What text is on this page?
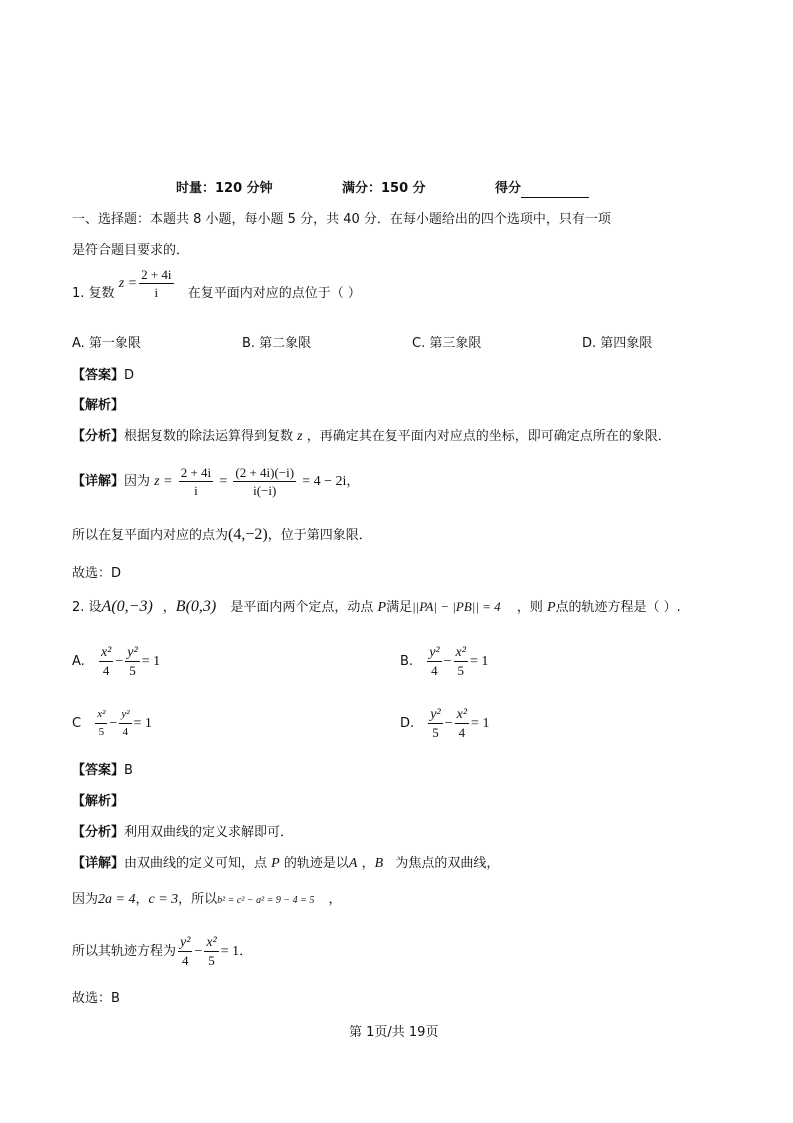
时量：120 分钟	满分：150 分	得分
一、选择题：本题共 8 小题，每小题 5 分，共 40 分．在每小题给出的四个选项中，只有一项
是符合题目要求的．
1. 复数 $z = \frac{2 + 4i}{i}$ 在复平面内对应的点位于（ ）
A. 第一象限	B. 第二象限	C. 第三象限	D. 第四象限
【答案】D
【解析】
【分析】根据复数的除法运算得到复数 z ，再确定其在复平面内对应点的坐标，即可确定点所在的象限．
【详解】因为 $z = \frac{2 + 4i}{i} = \frac{(2 + 4i)(-i)}{i(-i)} = 4 - 2i$，
所以在复平面内对应的点为(4,−2)，位于第四象限．
故选：D
2. 设A(0,−3) ，B(0,3) 是平面内两个定点，动点 P满足||PA| − |PB|| = 4 ，则 P点的轨迹方程是（ ）.
A. $\frac{\text{x²}}{4} - \frac{\text{y²}}{5} = 1$	B. $\frac{\text{y²}}{4} - \frac{\text{x²}}{5} = 1$
C $\frac{\text{x²}}{5} - \frac{\text{y²}}{4} = 1$	D. $\frac{\text{y²}}{5} - \frac{\text{x²}}{4} = 1$
【答案】B
【解析】
【分析】利用双曲线的定义求解即可．
【详解】由双曲线的定义可知，点 P 的轨迹是以A ，B 为焦点的双曲线，
因为2a = 4，c = 3，所以b² = c² − a² = 9 − 4 = 5 ，
所以其轨迹方程为 $\frac{\text{y²}}{4} - \frac{\text{x²}}{5} = 1$．
故选：B
第 1页/共 19页
